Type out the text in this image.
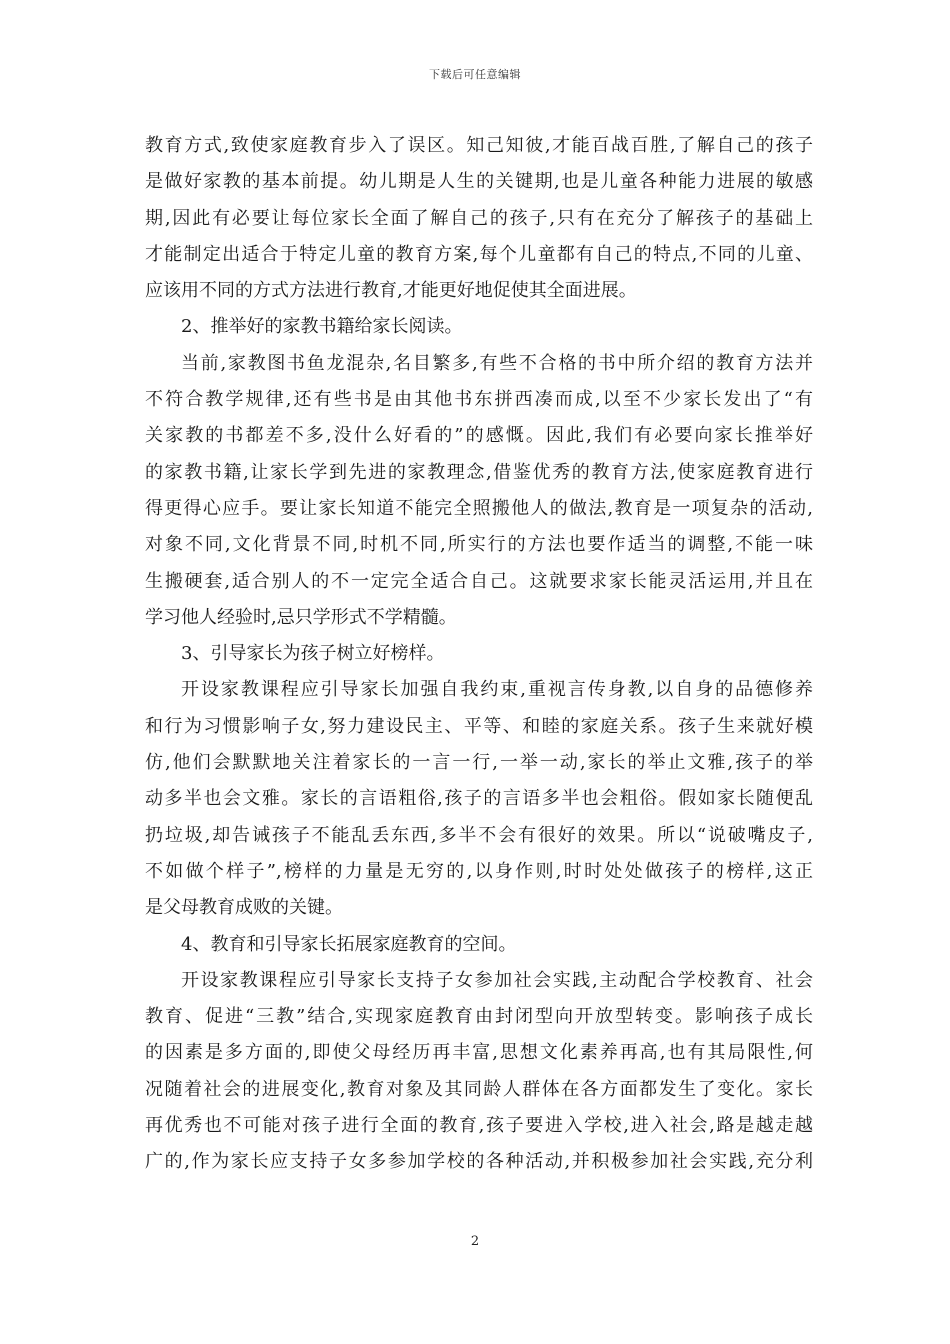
下载后可任意编辑
教育方式,致使家庭教育步入了误区。知己知彼,才能百战百胜,了解自己的孩子
是做好家教的基本前提。幼儿期是人生的关键期,也是儿童各种能力进展的敏感
期,因此有必要让每位家长全面了解自己的孩子,只有在充分了解孩子的基础上
才能制定出适合于特定儿童的教育方案,每个儿童都有自己的特点,不同的儿童、
应该用不同的方式方法进行教育,才能更好地促使其全面进展。
2、推举好的家教书籍给家长阅读。
当前,家教图书鱼龙混杂,名目繁多,有些不合格的书中所介绍的教育方法并
不符合教学规律,还有些书是由其他书东拼西凑而成,以至不少家长发出了“有
关家教的书都差不多,没什么好看的”的感慨。因此,我们有必要向家长推举好
的家教书籍,让家长学到先进的家教理念,借鉴优秀的教育方法,使家庭教育进行
得更得心应手。要让家长知道不能完全照搬他人的做法,教育是一项复杂的活动,
对象不同,文化背景不同,时机不同,所实行的方法也要作适当的调整,不能一味
生搬硬套,适合别人的不一定完全适合自己。这就要求家长能灵活运用,并且在
学习他人经验时,忌只学形式不学精髓。
3、引导家长为孩子树立好榜样。
开设家教课程应引导家长加强自我约束,重视言传身教,以自身的品德修养
和行为习惯影响子女,努力建设民主、平等、和睦的家庭关系。孩子生来就好模
仿,他们会默默地关注着家长的一言一行,一举一动,家长的举止文雅,孩子的举
动多半也会文雅。家长的言语粗俗,孩子的言语多半也会粗俗。假如家长随便乱
扔垃圾,却告诫孩子不能乱丢东西,多半不会有很好的效果。所以“说破嘴皮子,
不如做个样子”,榜样的力量是无穷的,以身作则,时时处处做孩子的榜样,这正
是父母教育成败的关键。
4、教育和引导家长拓展家庭教育的空间。
开设家教课程应引导家长支持子女参加社会实践,主动配合学校教育、社会
教育、促进“三教”结合,实现家庭教育由封闭型向开放型转变。影响孩子成长
的因素是多方面的,即使父母经历再丰富,思想文化素养再高,也有其局限性,何
况随着社会的进展变化,教育对象及其同龄人群体在各方面都发生了变化。家长
再优秀也不可能对孩子进行全面的教育,孩子要进入学校,进入社会,路是越走越
广的,作为家长应支持子女多参加学校的各种活动,并积极参加社会实践,充分利
2
